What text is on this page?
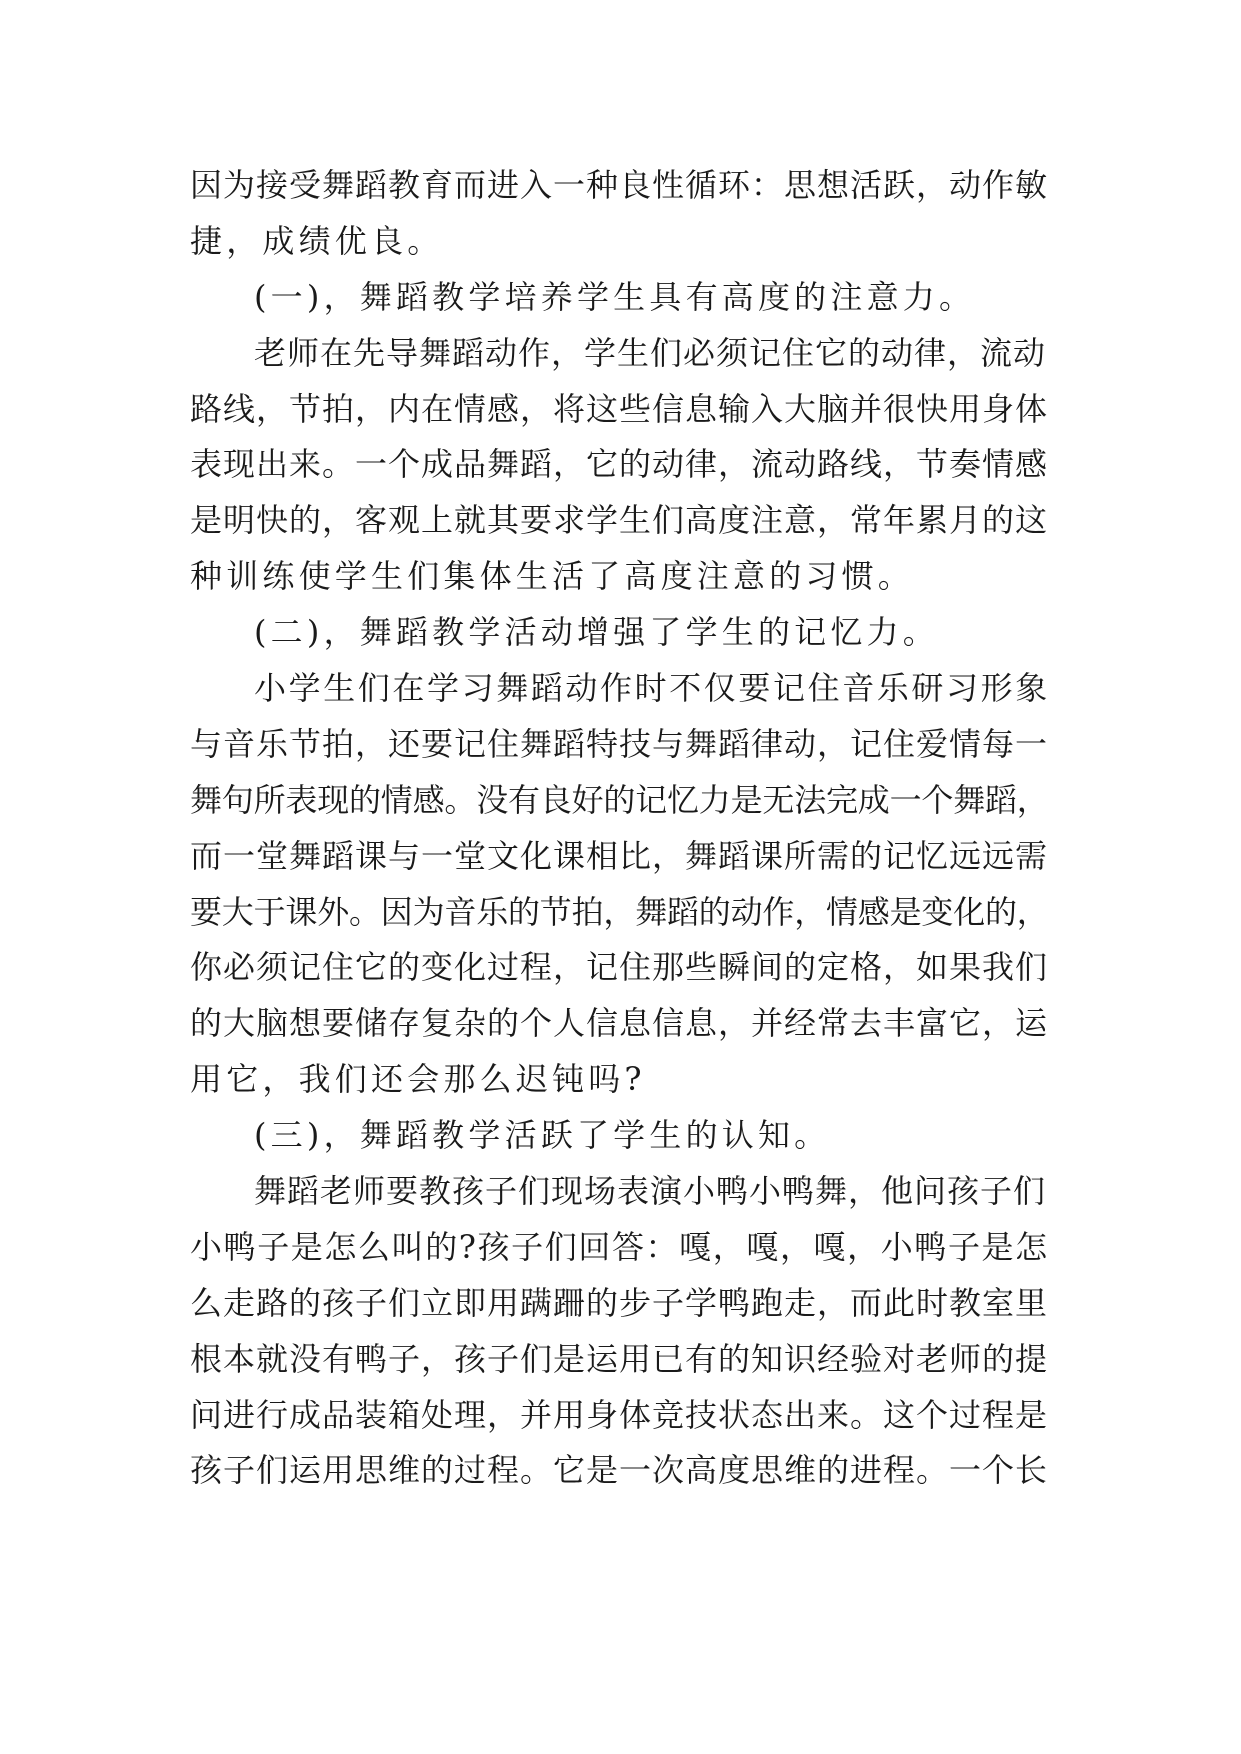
因为接受舞蹈教育而进入一种良性循环：思想活跃，动作敏
捷，成绩优良。
(一)，舞蹈教学培养学生具有高度的注意力。
老师在先导舞蹈动作，学生们必须记住它的动律，流动
路线，节拍，内在情感，将这些信息输入大脑并很快用身体
表现出来。一个成品舞蹈，它的动律，流动路线，节奏情感
是明快的，客观上就其要求学生们高度注意，常年累月的这
种训练使学生们集体生活了高度注意的习惯。
(二)，舞蹈教学活动增强了学生的记忆力。
小学生们在学习舞蹈动作时不仅要记住音乐研习形象
与音乐节拍，还要记住舞蹈特技与舞蹈律动，记住爱情每一
舞句所表现的情感。没有良好的记忆力是无法完成一个舞蹈，
而一堂舞蹈课与一堂文化课相比，舞蹈课所需的记忆远远需
要大于课外。因为音乐的节拍，舞蹈的动作，情感是变化的，
你必须记住它的变化过程，记住那些瞬间的定格，如果我们
的大脑想要储存复杂的个人信息信息，并经常去丰富它，运
用它，我们还会那么迟钝吗?
(三)，舞蹈教学活跃了学生的认知。
舞蹈老师要教孩子们现场表演小鸭小鸭舞，他问孩子们
小鸭子是怎么叫的?孩子们回答：嘎，嘎，嘎，小鸭子是怎
么走路的孩子们立即用蹒跚的步子学鸭跑走，而此时教室里
根本就没有鸭子，孩子们是运用已有的知识经验对老师的提
问进行成品装箱处理，并用身体竞技状态出来。这个过程是
孩子们运用思维的过程。它是一次高度思维的进程。一个长
